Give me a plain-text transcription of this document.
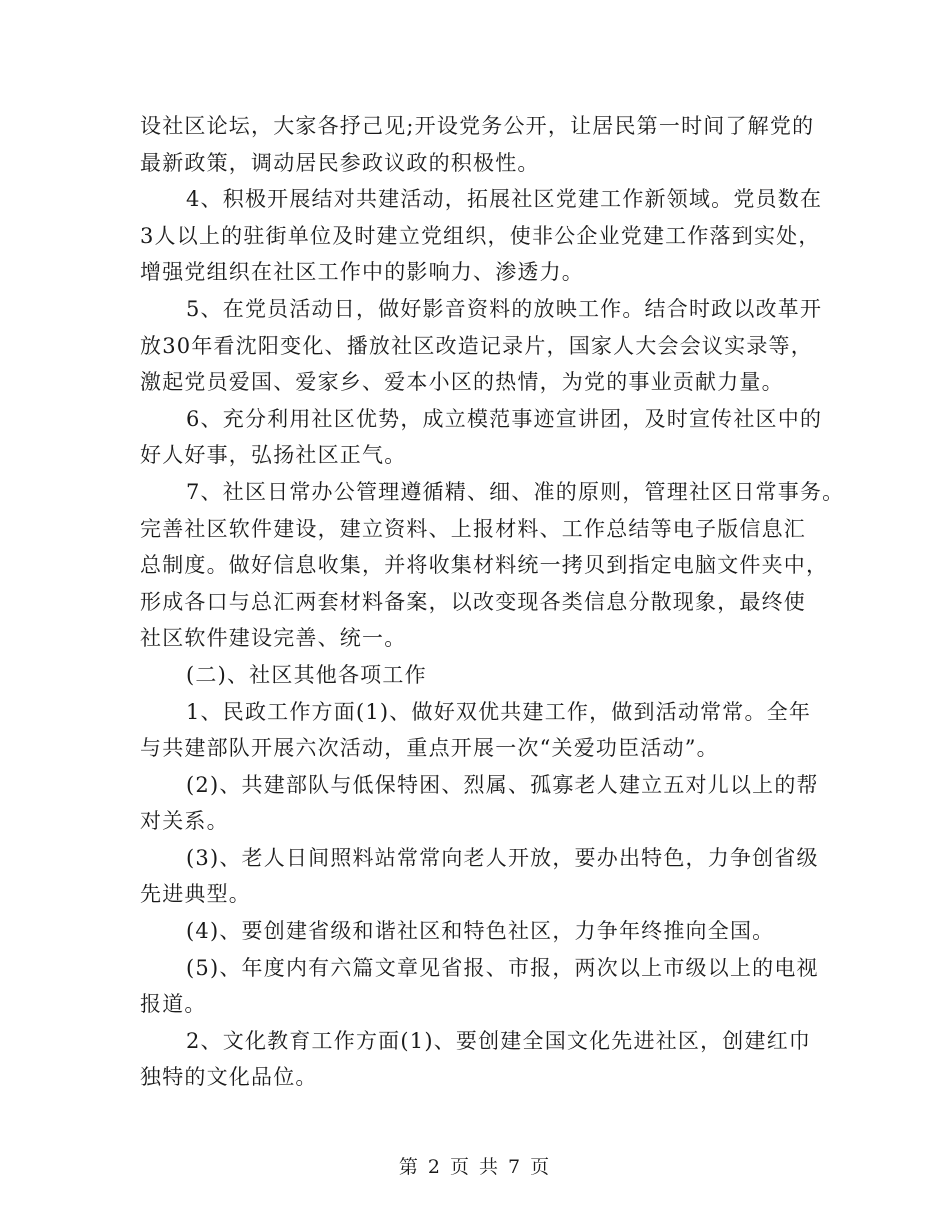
设社区论坛，大家各抒己见;开设党务公开，让居民第一时间了解党的
最新政策，调动居民参政议政的积极性。
4、积极开展结对共建活动，拓展社区党建工作新领域。党员数在
3人以上的驻街单位及时建立党组织，使非公企业党建工作落到实处，
增强党组织在社区工作中的影响力、渗透力。
5、在党员活动日，做好影音资料的放映工作。结合时政以改革开
放30年看沈阳变化、播放社区改造记录片，国家人大会会议实录等，
激起党员爱国、爱家乡、爱本小区的热情，为党的事业贡献力量。
6、充分利用社区优势，成立模范事迹宣讲团，及时宣传社区中的
好人好事，弘扬社区正气。
7、社区日常办公管理遵循精、细、准的原则，管理社区日常事务。
完善社区软件建设，建立资料、上报材料、工作总结等电子版信息汇
总制度。做好信息收集，并将收集材料统一拷贝到指定电脑文件夹中，
形成各口与总汇两套材料备案，以改变现各类信息分散现象，最终使
社区软件建设完善、统一。
(二)、社区其他各项工作
1、民政工作方面(1)、做好双优共建工作，做到活动常常。全年
与共建部队开展六次活动，重点开展一次“关爱功臣活动”。
(2)、共建部队与低保特困、烈属、孤寡老人建立五对儿以上的帮
对关系。
(3)、老人日间照料站常常向老人开放，要办出特色，力争创省级
先进典型。
(4)、要创建省级和谐社区和特色社区，力争年终推向全国。
(5)、年度内有六篇文章见省报、市报，两次以上市级以上的电视
报道。
2、文化教育工作方面(1)、要创建全国文化先进社区，创建红巾
独特的文化品位。
第 2 页 共 7 页
